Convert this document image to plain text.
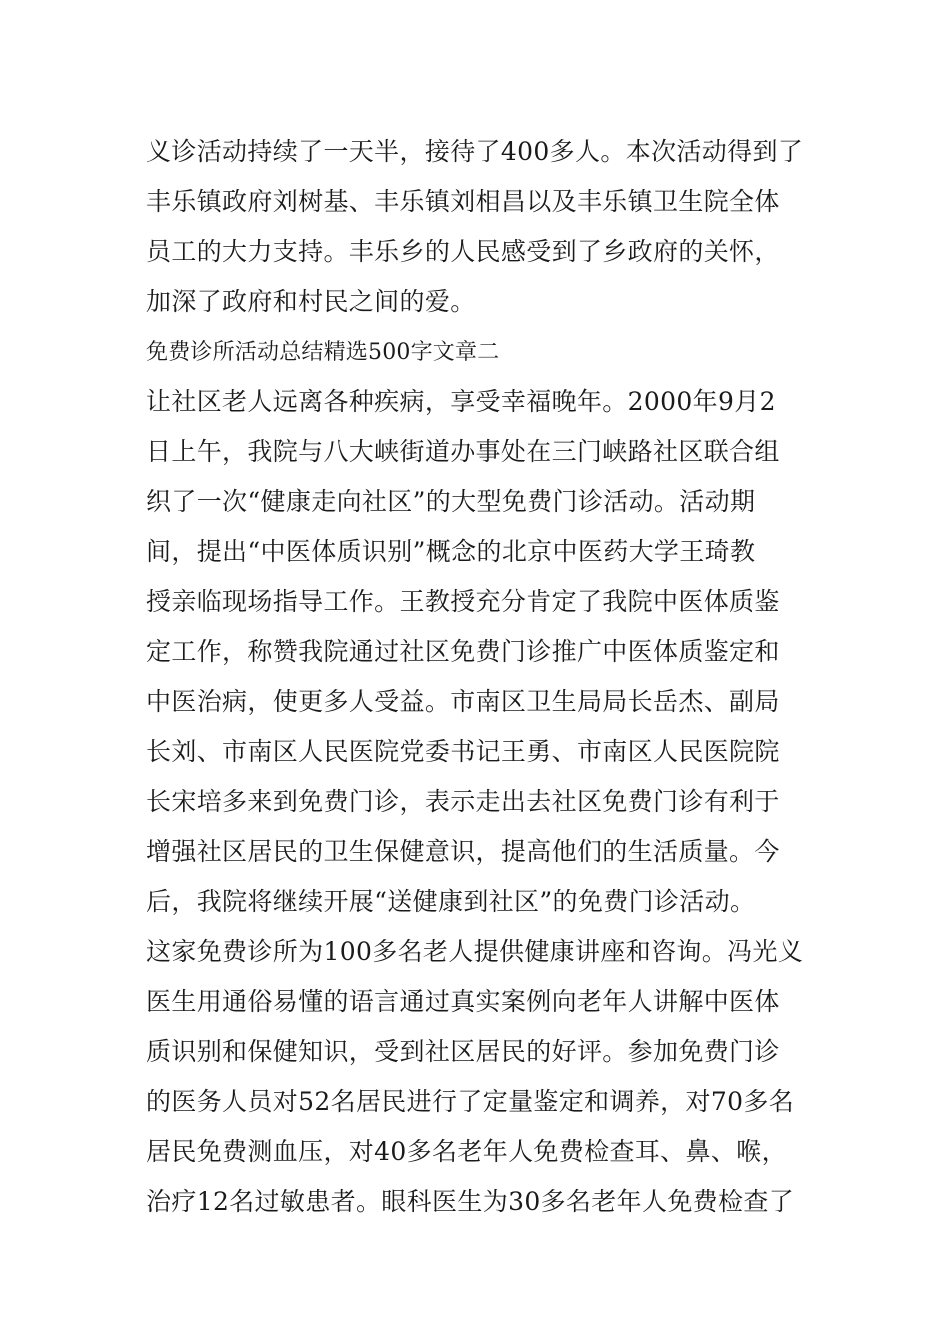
义诊活动持续了一天半，接待了400多人。本次活动得到了
丰乐镇政府刘树基、丰乐镇刘相昌以及丰乐镇卫生院全体
员工的大力支持。丰乐乡的人民感受到了乡政府的关怀，
加深了政府和村民之间的爱。
免费诊所活动总结精选500字文章二
让社区老人远离各种疾病，享受幸福晚年。2000年9月2
日上午，我院与八大峡街道办事处在三门峡路社区联合组
织了一次“健康走向社区”的大型免费门诊活动。活动期
间，提出“中医体质识别”概念的北京中医药大学王琦教
授亲临现场指导工作。王教授充分肯定了我院中医体质鉴
定工作，称赞我院通过社区免费门诊推广中医体质鉴定和
中医治病，使更多人受益。市南区卫生局局长岳杰、副局
长刘、市南区人民医院党委书记王勇、市南区人民医院院
长宋培多来到免费门诊，表示走出去社区免费门诊有利于
增强社区居民的卫生保健意识，提高他们的生活质量。今
后，我院将继续开展“送健康到社区”的免费门诊活动。
这家免费诊所为100多名老人提供健康讲座和咨询。冯光义
医生用通俗易懂的语言通过真实案例向老年人讲解中医体
质识别和保健知识，受到社区居民的好评。参加免费门诊
的医务人员对52名居民进行了定量鉴定和调养，对70多名
居民免费测血压，对40多名老年人免费检查耳、鼻、喉，
治疗12名过敏患者。眼科医生为30多名老年人免费检查了
